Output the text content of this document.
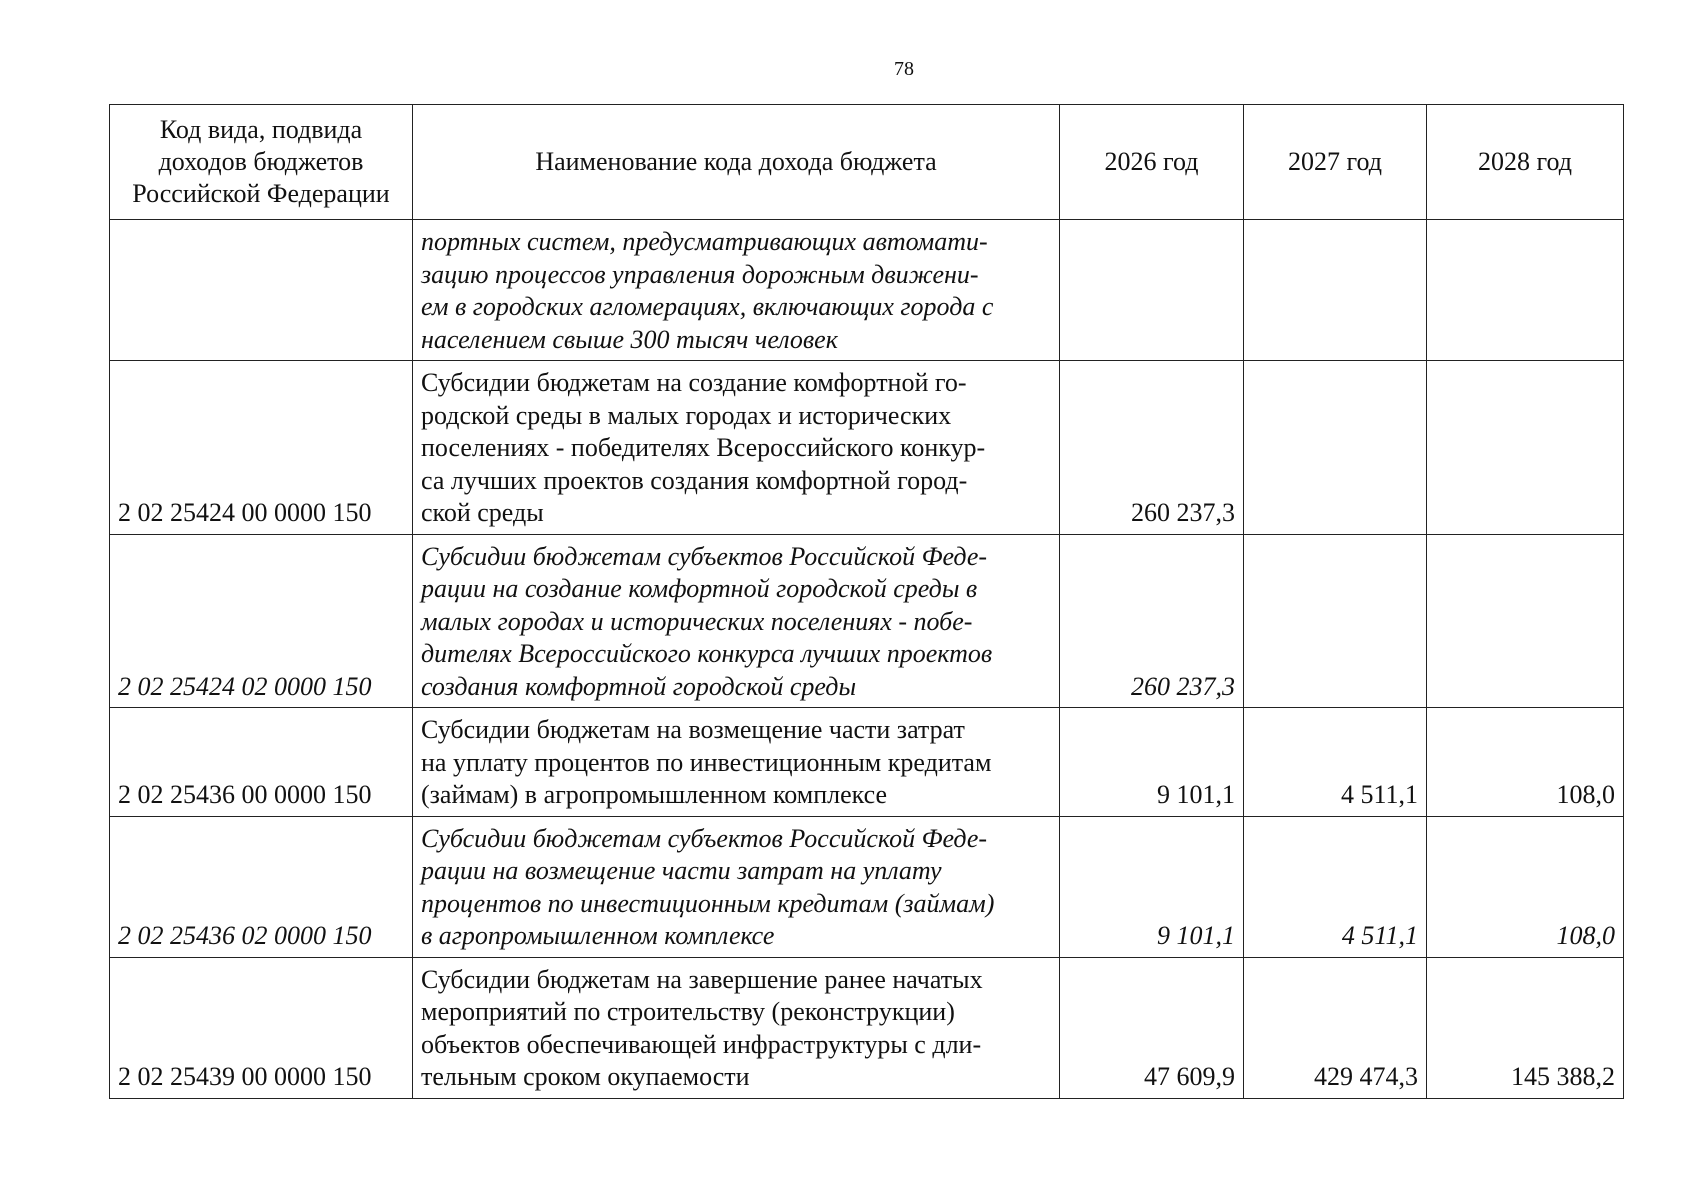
78
Код вида, подвида доходов бюджетов Российской Федерации	Наименование кода дохода бюджета	2026 год	2027 год	2028 год

	портных систем, предусматривающих автомати-
зацию процессов управления дорожным движени-
ем в городских агломерациях, включающих города с
населением свыше 300 тысяч человек			

2 02 25424 00 0000 150	Субсидии бюджетам на создание комфортной го-
родской среды в малых городах и исторических
поселениях - победителях Всероссийского конкур-
са лучших проектов создания комфортной город-
ской среды	260 237,3		
2 02 25424 02 0000 150	Субсидии бюджетам субъектов Российской Феде-
рации на создание комфортной городской среды в
малых городах и исторических поселениях - побе-
дителях Всероссийского конкурса лучших проектов
создания комфортной городской среды	260 237,3		
2 02 25436 00 0000 150	Субсидии бюджетам на возмещение части затрат
на уплату процентов по инвестиционным кредитам
(займам) в агропромышленном комплексе	9 101,1	4 511,1	108,0
2 02 25436 02 0000 150	Субсидии бюджетам субъектов Российской Феде-
рации на возмещение части затрат на уплату
процентов по инвестиционным кредитам (займам)
в агропромышленном комплексе	9 101,1	4 511,1	108,0
2 02 25439 00 0000 150	Субсидии бюджетам на завершение ранее начатых
мероприятий по строительству (реконструкции)
объектов обеспечивающей инфраструктуры с дли-
тельным сроком окупаемости	47 609,9	429 474,3	145 388,2
